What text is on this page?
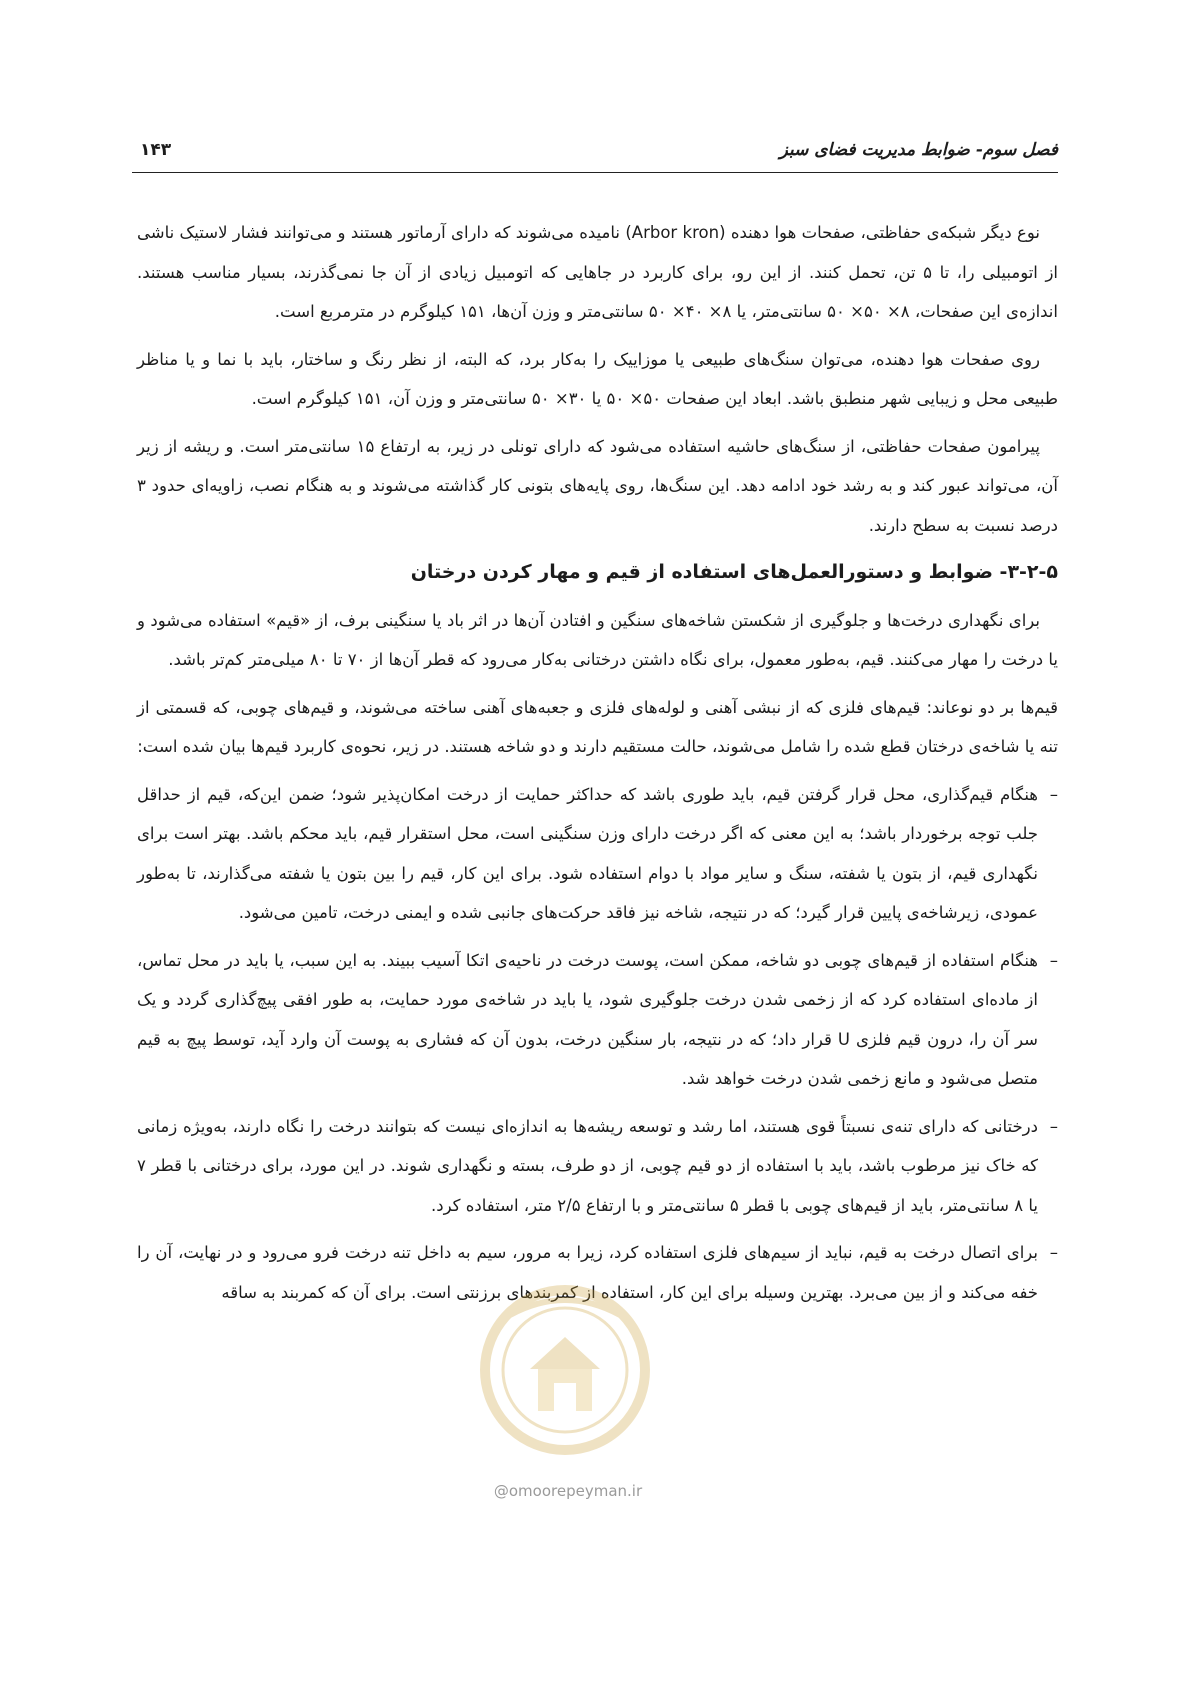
فصل سوم- ضوابط مدیریت فضای سبز
۱۴۳

نوع دیگر شبکه‌ی حفاظتی، صفحات هوا دهنده (Arbor kron) نامیده می‌شوند که دارای آرماتور هستند و می‌توانند فشار لاستیک ناشی از اتومبیلی را، تا ۵ تن، تحمل کنند. از این رو، برای کاربرد در جاهایی که اتومبیل زیادی از آن جا نمی‌گذرند، بسیار مناسب هستند. اندازه‌ی این صفحات، ۸× ۵۰× ۵۰ سانتی‌متر، یا ۸× ۴۰× ۵۰ سانتی‌متر و وزن آن‌ها، ۱۵۱ کیلوگرم در مترمربع است.

روی صفحات هوا دهنده، می‌توان سنگ‌های طبیعی یا موزاییک را به‌کار برد، که البته، از نظر رنگ و ساختار، باید با نما و یا مناظر طبیعی محل و زیبایی شهر منطبق باشد. ابعاد این صفحات ۵۰× ۵۰ یا ۳۰× ۵۰ سانتی‌متر و وزن آن، ۱۵۱ کیلوگرم است.

پیرامون صفحات حفاظتی، از سنگ‌های حاشیه استفاده می‌شود که دارای تونلی در زیر، به ارتفاع ۱۵ سانتی‌متر است. و ریشه از زیر آن، می‌تواند عبور کند و به رشد خود ادامه دهد. این سنگ‌ها، روی پایه‌های بتونی کار گذاشته می‌شوند و به هنگام نصب، زاویه‌ای حدود ۳ درصد نسبت به سطح دارند.

۳-۲-۵- ضوابط و دستورالعمل‌های استفاده از قیم و مهار کردن درختان

برای نگهداری درخت‌ها و جلوگیری از شکستن شاخه‌های سنگین و افتادن آن‌ها در اثر باد یا سنگینی برف، از «قیم» استفاده می‌شود و یا درخت را مهار می‌کنند. قیم، به‌طور معمول، برای نگاه داشتن درختانی به‌کار می‌رود که قطر آن‌ها از ۷۰ تا ۸۰ میلی‌متر کم‌تر باشد.

قیم‌ها بر دو نوعاند: قیم‌های فلزی که از نبشی آهنی و لوله‌های فلزی و جعبه‌های آهنی ساخته می‌شوند، و قیم‌های چوبی، که قسمتی از تنه یا شاخه‌ی درختان قطع شده را شامل می‌شوند، حالت مستقیم دارند و دو شاخه هستند. در زیر، نحوه‌ی کاربرد قیم‌ها بیان شده است:

–
هنگام قیم‌گذاری، محل قرار گرفتن قیم، باید طوری باشد که حداکثر حمایت از درخت امکان‌پذیر شود؛ ضمن این‌که، قیم از حداقل جلب توجه برخوردار باشد؛ به این معنی که اگر درخت دارای وزن سنگینی است، محل استقرار قیم، باید محکم باشد. بهتر است برای نگهداری قیم، از بتون یا شفته، سنگ و سایر مواد با دوام استفاده شود. برای این کار، قیم را بین بتون یا شفته می‌گذارند، تا به‌طور عمودی، زیرشاخه‌ی پایین قرار گیرد؛ که در نتیجه، شاخه نیز فاقد حرکت‌های جانبی شده و ایمنی درخت، تامین می‌شود.
–
هنگام استفاده از قیم‌های چوبی دو شاخه، ممکن است، پوست درخت در ناحیه‌ی اتکا آسیب ببیند. به این سبب، یا باید در محل تماس، از ماده‌ای استفاده کرد که از زخمی شدن درخت جلوگیری شود، یا باید در شاخه‌ی مورد حمایت، به طور افقی پیچ‌گذاری گردد و یک سر آن را، درون قیم فلزی U قرار داد؛ که در نتیجه، بار سنگین درخت، بدون آن که فشاری به پوست آن وارد آید، توسط پیچ به قیم متصل می‌شود و مانع زخمی شدن درخت خواهد شد.
–
درختانی که دارای تنه‌ی نسبتاً قوی هستند، اما رشد و توسعه ریشه‌ها به اندازه‌ای نیست که بتوانند درخت را نگاه دارند، به‌ویژه زمانی که خاک نیز مرطوب باشد، باید با استفاده از دو قیم چوبی، از دو طرف، بسته و نگهداری شوند. در این مورد، برای درختانی با قطر ۷ یا ۸ سانتی‌متر، باید از قیم‌های چوبی با قطر ۵ سانتی‌متر و با ارتفاع ۲/۵ متر، استفاده کرد.
–
برای اتصال درخت به قیم، نباید از سیم‌های فلزی استفاده کرد، زیرا به مرور، سیم به داخل تنه درخت فرو می‌رود و در نهایت، آن را خفه می‌کند و از بین می‌برد. بهترین وسیله برای این کار، استفاده از کمربندهای برزنتی است. برای آن که کمربند به ساقه
@omoorepeyman.ir
